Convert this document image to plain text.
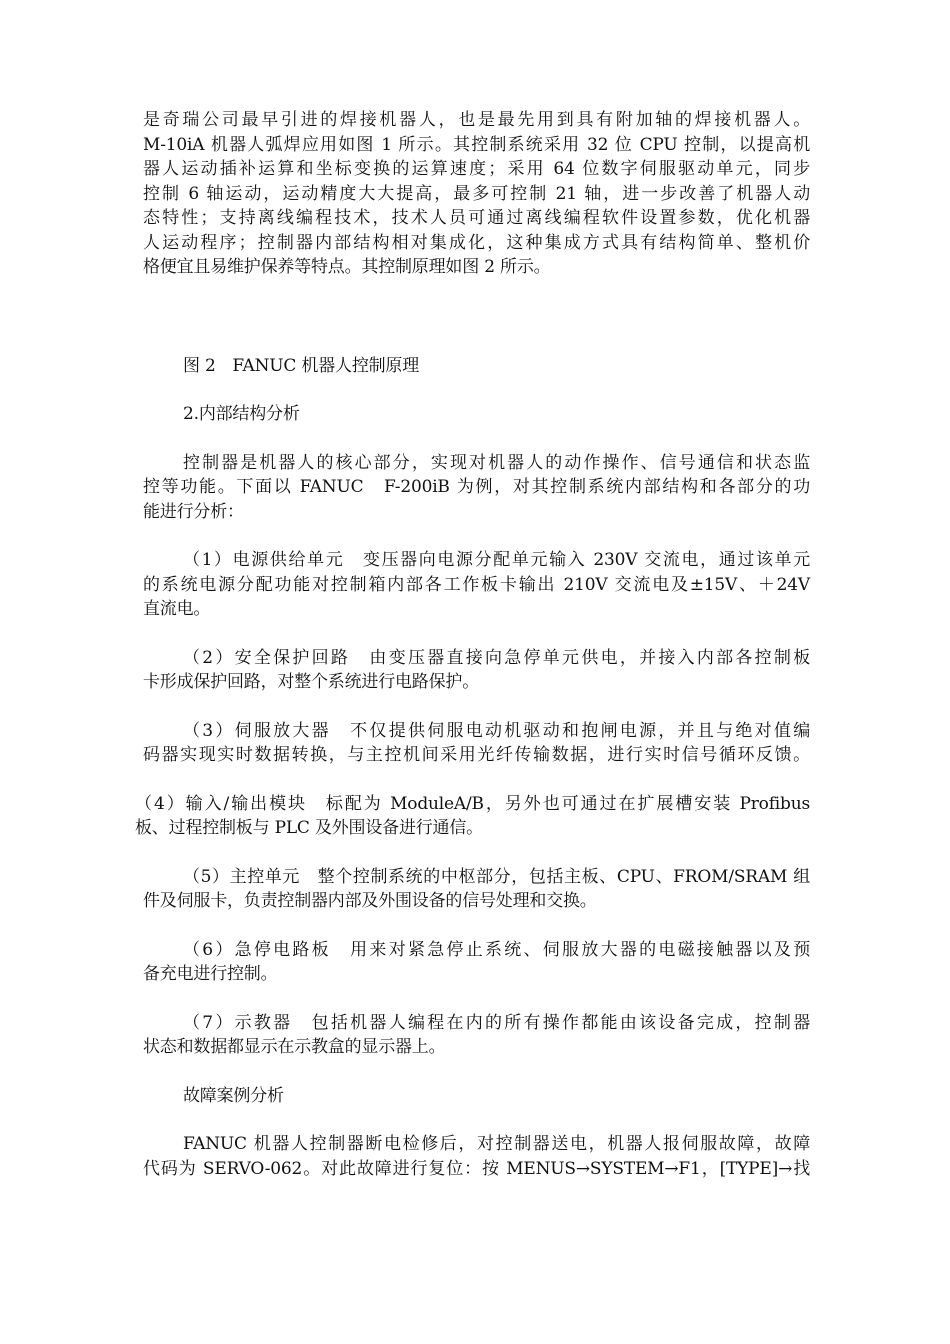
是奇瑞公司最早引进的焊接机器人，也是最先用到具有附加轴的焊接机器人。
M-10iA 机器人弧焊应用如图 1 所示。其控制系统采用 32 位 CPU 控制，以提高机
器人运动插补运算和坐标变换的运算速度；采用 64 位数字伺服驱动单元，同步
控制 6 轴运动，运动精度大大提高，最多可控制 21 轴，进一步改善了机器人动
态特性；支持离线编程技术，技术人员可通过离线编程软件设置参数，优化机器
人运动程序；控制器内部结构相对集成化，这种集成方式具有结构简单、整机价
格便宜且易维护保养等特点。其控制原理如图 2 所示。
图 2　FANUC 机器人控制原理
2.内部结构分析
控制器是机器人的核心部分，实现对机器人的动作操作、信号通信和状态监
控等功能。下面以 FANUC　F-200iB 为例，对其控制系统内部结构和各部分的功
能进行分析：
（1）电源供给单元　变压器向电源分配单元输入 230V 交流电，通过该单元
的系统电源分配功能对控制箱内部各工作板卡输出 210V 交流电及±15V、＋24V
直流电。
（2）安全保护回路　由变压器直接向急停单元供电，并接入内部各控制板
卡形成保护回路，对整个系统进行电路保护。
（3）伺服放大器　不仅提供伺服电动机驱动和抱闸电源，并且与绝对值编
码器实现实时数据转换，与主控机间采用光纤传输数据，进行实时信号循环反馈。
（4）输入/输出模块　标配为 ModuleA/B，另外也可通过在扩展槽安装 Profibus
板、过程控制板与 PLC 及外围设备进行通信。
（5）主控单元　整个控制系统的中枢部分，包括主板、CPU、FROM/SRAM 组
件及伺服卡，负责控制器内部及外围设备的信号处理和交换。
（6）急停电路板　用来对紧急停止系统、伺服放大器的电磁接触器以及预
备充电进行控制。
（7）示教器　包括机器人编程在内的所有操作都能由该设备完成，控制器
状态和数据都显示在示教盒的显示器上。
故障案例分析
FANUC 机器人控制器断电检修后，对控制器送电，机器人报伺服故障，故障
代码为 SERVO-062。对此故障进行复位：按 MENUS→SYSTEM→F1，[TYPE]→找
